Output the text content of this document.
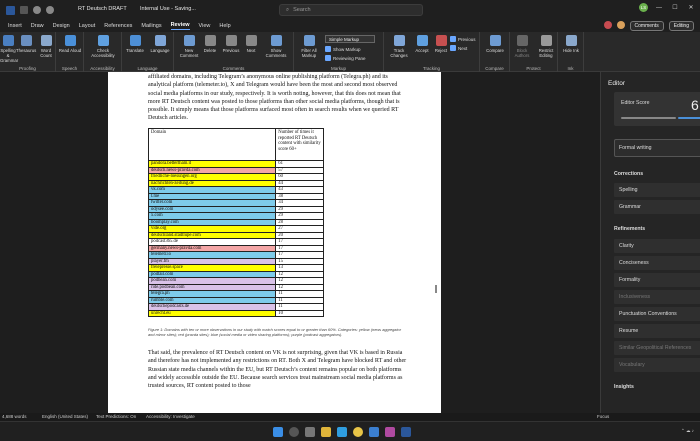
RT Deutsch DRAFT Internal Use - Saving...	⌕ Search	LS	—	☐	✕
Insert Draw Design Layout References Mailings Review View Help	Comments	Editing
Spelling & Grammar
Thesaurus	Word Count
Proofing
Read Aloud
Speech
Check Accessibility
Accessibility
Translate	Language
Language
New Comment
Delete	Previous	Next	Show Comments
Comments
Filter All Markup
Simple Markup
Show Markup
Reviewing Pane
Markup
Track Changes
Accept	Reject
Previous
Next
Tracking
Compare
Compare
Block Authors
Restrict Editing
Protect
Hide Ink
Ink
affiliated domains, including Telegram’s anonymous online publishing platform (Telegra.ph) and its analytical platform (telemeter.io), X and Telegram would have been the most and second most observed social media platforms in our study, respectively. It is worth noting, however, that this does not mean that more RT Deutsch content was posted to those platforms than other social media platforms, though that is possible. It simply means that those platforms surfaced most often in search results when we queried RT Deutsch articles.
Domain	Number of times it reported RT Deutsch content with similarity score 60+
pandora.bettertham.it	61
deutsch.news-pravda.com	57
friedliche-loesungen.org	60
nachrichten-zeitung.de	44
vk.com	43
t.me	38
twitter.com	34
odysee.com	29
x.com	29
boomplay.com	28
vide.org	27
deutschland.stadtlupe.com	20
podcast365.de	17
germany.news-pravda.com	17
telemetr.io	17
player.fm	15
freiepresse.space	13
podtail.com	12
podbean.com	12
ride.podbean.com	12
telegra.ph	11
rumble.com	11
deutschepodcasts.de	11
unrecht.eu	10
Figure 1: Domains with ten or more observations in our study with match scores equal to or greater than 60%. Categories: yellow (news aggregator and mirror sites); red (pravda sites); blue (social media or video sharing platforms); purple (podcast aggregators).
That said, the prevalence of RT Deutsch content on VK is not surprising, given that VK is based in Russia and therefore has not implemented any restrictions on RT. Both X and Telegram have blocked RT and other Russian state media channels within the EU, but RT Deutsch’s content remains popular on both platforms and widely accessible outside the EU. Because search services treat mainstream social media platforms as trusted sources, RT content posted to those
Editor
Editor Score	6
Formal writing
Corrections
Spelling
Grammar
Refinements
Clarity
Conciseness
Formality
Inclusiveness
Punctuation Conventions
Resume
Similar Geopolitical References
Vocabulary
Insights
4,688 words	English (United States) Text Predictions: On Accessibility: Investigate	Focus
⌃ ☁ ♪
